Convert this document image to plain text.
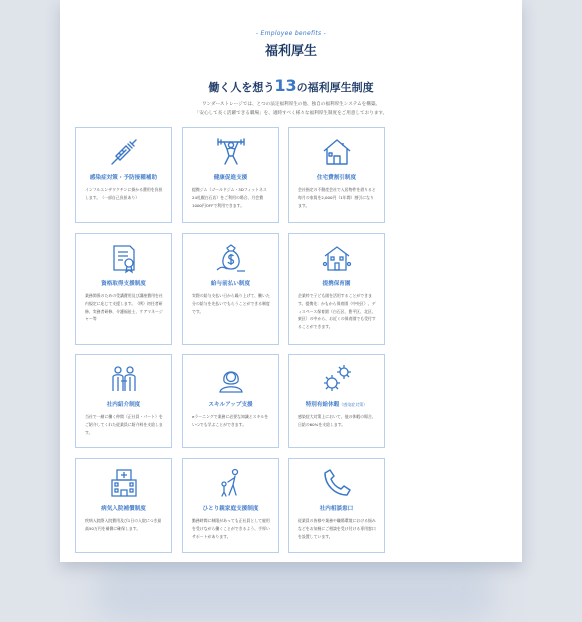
- Employee benefits -
福利厚生
働く人を想う13の福利厚生制度
ワンダーストレージでは、とつの法定福利厚生の他、独自の福利厚生システムを構築。
「安心して長く活躍できる職場」を、適時すべく様々な福利厚生制度をご用意しております。
感染症対策・予防接種補助
インフルエンザワクチンに掛かる費用を負担します。（一部自己負担あり）
健康促進支援
提携ジム（ゴールドジム・3Dフィットネス24札幌白石店）をご利用の場合、月会費1000円OFFで利用できます。
住宅費割引制度
会社指定の不動産会社で入居物件を借りると毎月の家賃を2,000円（1年間）割引になります。
資格取得支援制度
業務関係のための受講費用及び講座費用を社内規定に応じて支援します。（例）初任者研修、実務者研修、介護福祉士、ケアマネージャー等
給与前払い制度
実際の給与支払い日から繰り上げて、働いた分の給与を先払いでもらうことができる制度です。
提携保育園
企業枠で子ども園を活用することができます。提携先：かもから保育園（中央区）、ディスペース保育園（白石区、豊平区、北区、東区）の中から、お近くの保育園でも受付することができます。
社内紹介制度
当社で一緒に働く仲間（正社員・パート）をご紹介してくれた従業員に紹介料を支給します。
スキルアップ支援
eラーニングで業務に必要な知識とスキルをいつでも学ぶことができます。
特別有給休暇（感染症対策）
感染症大対策上において、他の休暇の場合、日給の60%を支給します。
病気入院補償制度
疾病入院際入院費用及び1日の入院につき最高50万円を補償に確保します。
ひとり親家庭支援制度
勤務時間に制限があっても正社員として雇用を受けながら働くことができるよう、手厚いサポートがあります。
社内相談窓口
従業員の皆様や業務や職場環境における悩みなどをお気軽にご相談を受け付ける専用窓口を設置しています。
